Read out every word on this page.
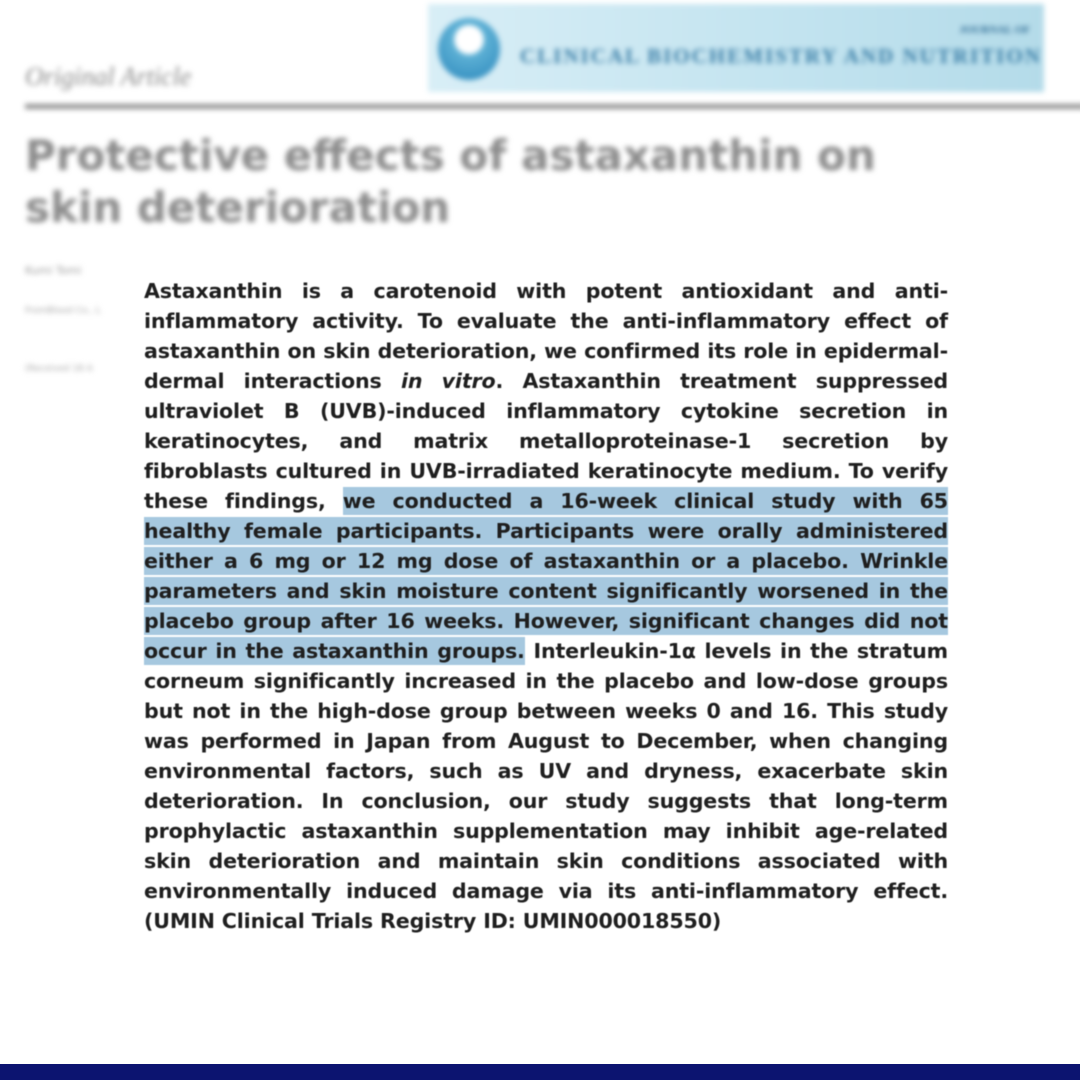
JOURNAL OF
CLINICAL BIOCHEMISTRY AND NUTRITION

Original Article

Protective effects of astaxanthin on skin deterioration
Kumi Tomi
FromBlood Co., L
(Received 18 A

Astaxanthin is a carotenoid with potent antioxidant and anti-inflammatory activity. To evaluate the anti-inflammatory effect of astaxanthin on skin deterioration, we confirmed its role in epidermal-dermal interactions in vitro. Astaxanthin treatment suppressed ultraviolet B (UVB)-induced inflammatory cytokine secretion in keratinocytes, and matrix metalloproteinase-1 secretion by fibroblasts cultured in UVB-irradiated keratinocyte medium. To verify these findings, we conducted a 16-week clinical study with 65 healthy female participants. Participants were orally administered either a 6 mg or 12 mg dose of astaxanthin or a placebo. Wrinkle parameters and skin moisture content significantly worsened in the placebo group after 16 weeks. However, significant changes did not occur in the astaxanthin groups. Interleukin-1α levels in the stratum corneum significantly increased in the placebo and low-dose groups but not in the high-dose group between weeks 0 and 16. This study was performed in Japan from August to December, when changing environmental factors, such as UV and dryness, exacerbate skin deterioration. In conclusion, our study suggests that long-term prophylactic astaxanthin supplementation may inhibit age-related skin deterioration and maintain skin conditions associated with environmentally induced damage via its anti-inflammatory effect. (UMIN Clinical Trials Registry ID: UMIN000018550)
